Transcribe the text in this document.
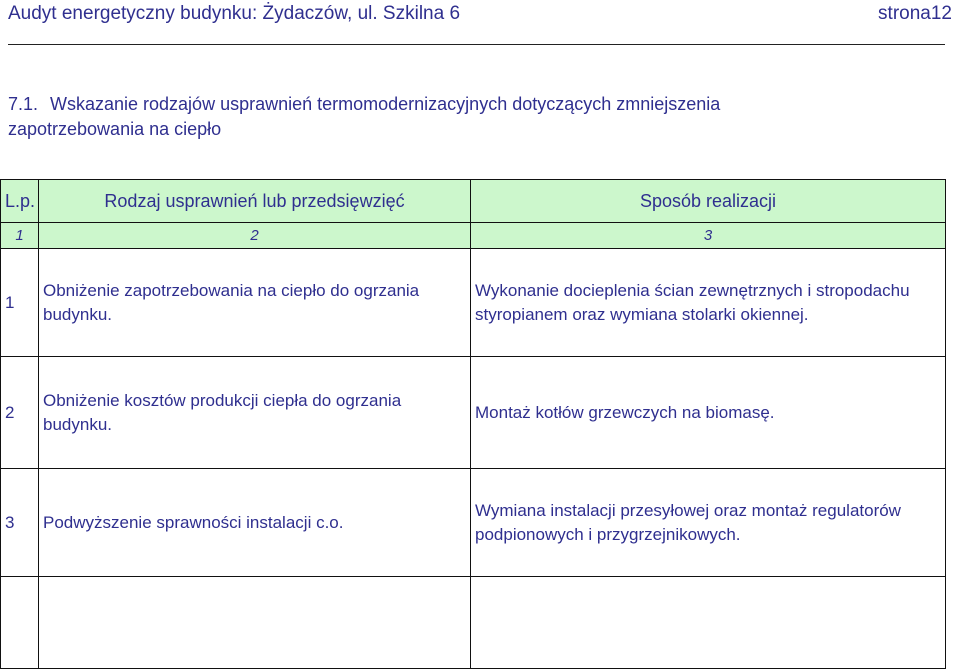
Audyt energetyczny budynku: Żydaczów, ul. Szkilna 6	strona12
7.1. Wskazanie rodzajów usprawnień termomodernizacyjnych dotyczących zmniejszenia
zapotrzebowania na ciepło
L.p.	Rodzaj usprawnień lub przedsięwzięć	Sposób realizacji
1	2	3
1	Obniżenie zapotrzebowania na ciepło do ogrzania budynku.	Wykonanie docieplenia ścian zewnętrznych i stropodachu styropianem oraz wymiana stolarki okiennej.
2	Obniżenie kosztów produkcji ciepła do ogrzania budynku.	Montaż kotłów grzewczych na biomasę.
3	Podwyższenie sprawności instalacji c.o.	Wymiana instalacji przesyłowej oraz montaż regulatorów podpionowych i przygrzejnikowych.
